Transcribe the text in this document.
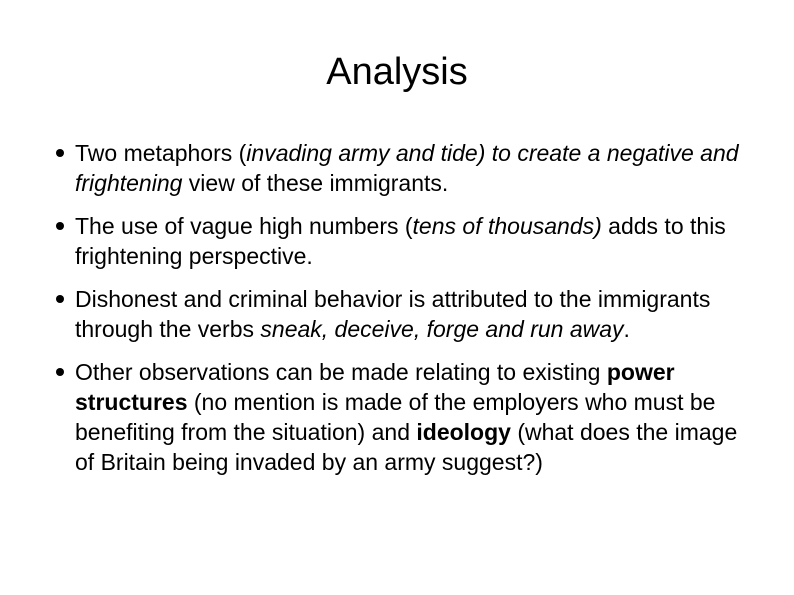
Analysis
Two metaphors (invading army and tide) to create a negative and frightening view of these immigrants.
The use of vague high numbers (tens of thousands) adds to this frightening perspective.
Dishonest and criminal behavior is attributed to the immigrants through the verbs sneak, deceive, forge and run away.
Other observations can be made relating to existing power structures (no mention is made of the employers who must be benefiting from the situation) and ideology (what does the image of Britain being invaded by an army suggest?)
